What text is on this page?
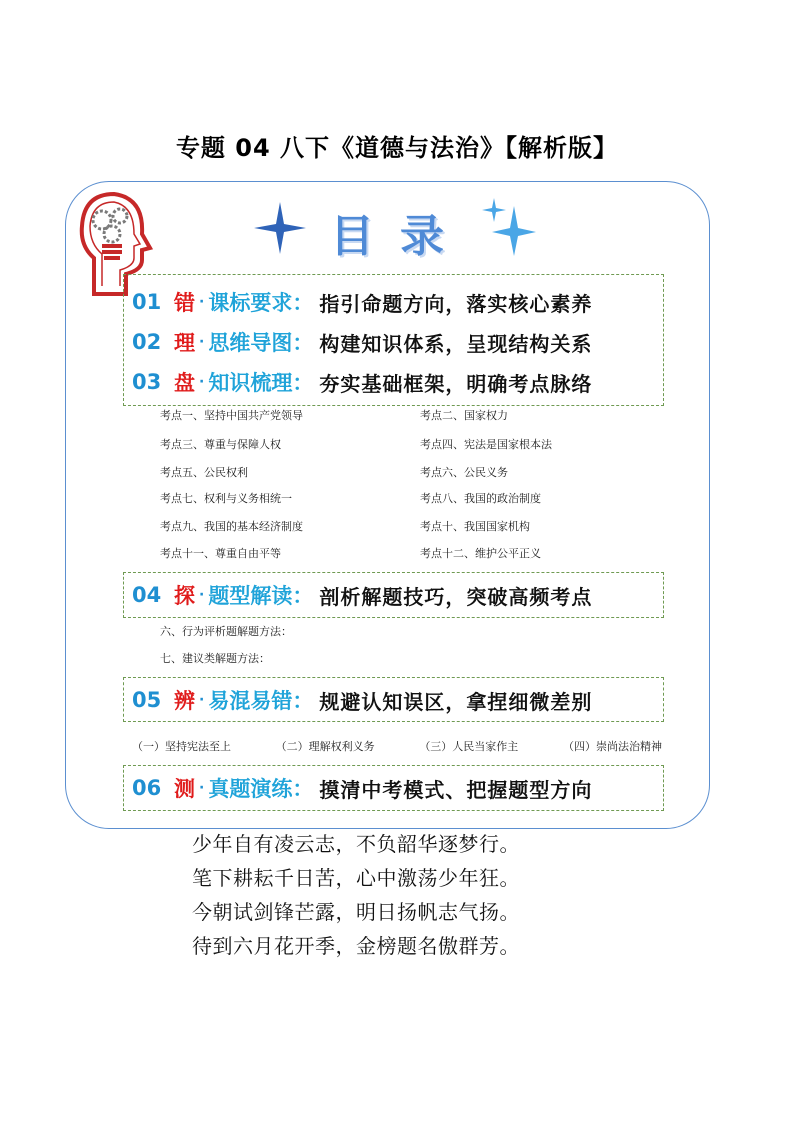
专题 04 八下《道德与法治》【解析版】
目录
01 错 · 课标要求 ： 指引命题方向，落实核心素养
02 理 · 思维导图 ： 构建知识体系，呈现结构关系
03 盘 · 知识梳理 ： 夯实基础框架，明确考点脉络
考点一、坚持中国共产党领导	考点二、国家权力
考点三、尊重与保障人权	考点四、宪法是国家根本法
考点五、公民权利	考点六、公民义务
考点七、权利与义务相统一	考点八、我国的政治制度
考点九、我国的基本经济制度	考点十、我国国家机构
考点十一、尊重自由平等	考点十二、维护公平正义
04 探 · 题型解读 ： 剖析解题技巧，突破高频考点
六、行为评析题解题方法：
七、建议类解题方法：
05 辨 · 易混易错 ： 规避认知误区，拿捏细微差别
（一）坚持宪法至上	（二）理解权利义务	（三）人民当家作主	（四）崇尚法治精神
06 测 · 真题演练 ： 摸清中考模式、把握题型方向
少年自有凌云志，不负韶华逐梦行。
笔下耕耘千日苦，心中激荡少年狂。
今朝试剑锋芒露，明日扬帆志气扬。
待到六月花开季，金榜题名傲群芳。
